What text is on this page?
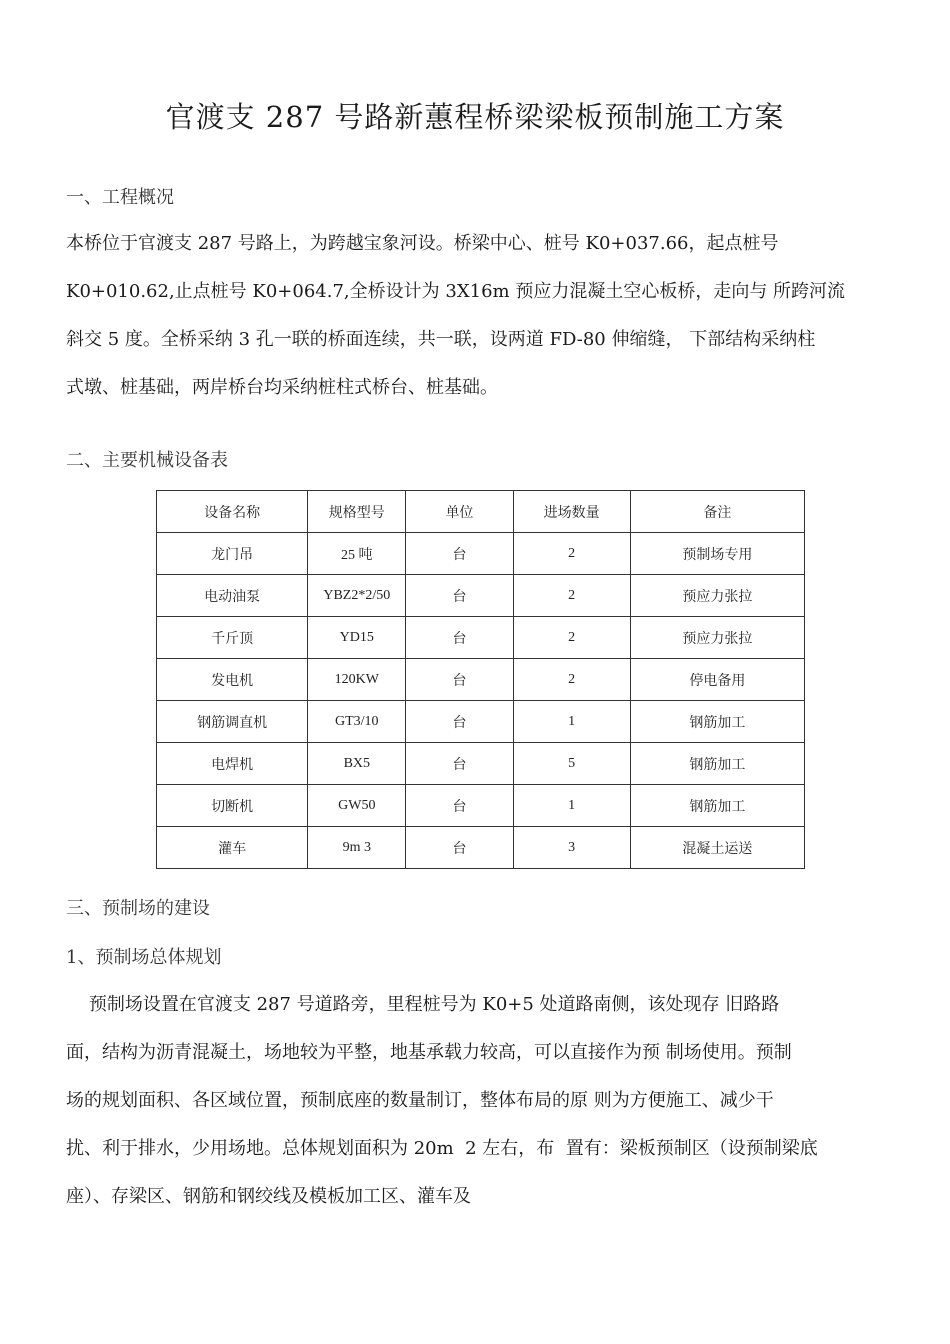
官渡支 287 号路新蕙程桥梁梁板预制施工方案
一、工程概况
本桥位于官渡支 287 号路上，为跨越宝象河设。桥梁中心、桩号 K0+037.66，起点桩号
K0+010.62,止点桩号 K0+064.7,全桥设计为 3X16m 预应力混凝土空心板桥，走向与 所跨河流
斜交 5 度。全桥采纳 3 孔一联的桥面连续，共一联，设两道 FD-80 伸缩缝， 下部结构采纳柱
式墩、桩基础，两岸桥台均采纳桩柱式桥台、桩基础。
二、主要机械设备表
设备名称	规格型号	单位	进场数量	备注
龙门吊	25 吨	台	2	预制场专用
电动油泵	YBZ2*2/50	台	2	预应力张拉
千斤顶	YD15	台	2	预应力张拉
发电机	120KW	台	2	停电备用
钢筋调直机	GT3/10	台	1	钢筋加工
电焊机	BX5	台	5	钢筋加工
切断机	GW50	台	1	钢筋加工
灌车	9m 3	台	3	混凝土运送
三、预制场的建设
1、预制场总体规划
预制场设置在官渡支 287 号道路旁，里程桩号为 K0+5 处道路南侧，该处现存 旧路路
面，结构为沥青混凝土，场地较为平整，地基承载力较高，可以直接作为预 制场使用。预制
场的规划面积、各区域位置，预制底座的数量制订，整体布局的原 则为方便施工、减少干
扰、利于排水，少用场地。总体规划面积为 20m  2 左右，布  置有：梁板预制区（设预制梁底
座）、存梁区、钢筋和钢绞线及模板加工区、灌车及
